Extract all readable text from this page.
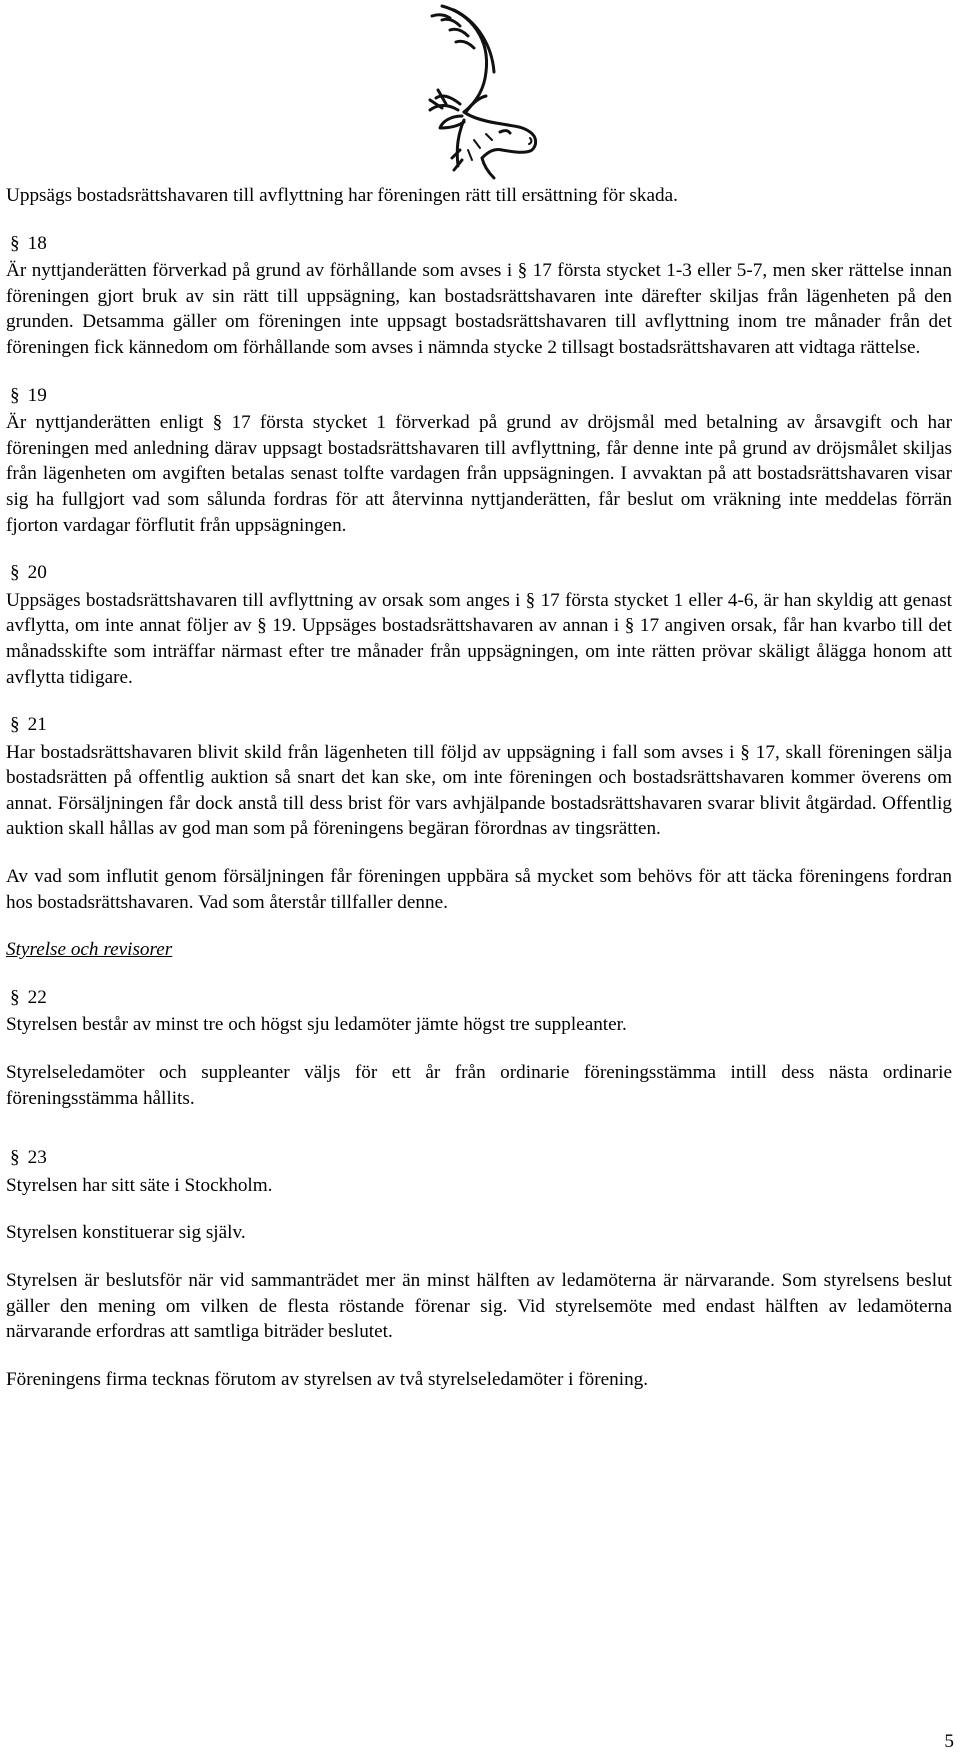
Uppsägs bostadsrättshavaren till avflyttning har föreningen rätt till ersättning för skada.

§ 18

Är nyttjanderätten förverkad på grund av förhållande som avses i § 17 första stycket 1-3 eller 5-7, men sker rättelse innan föreningen gjort bruk av sin rätt till uppsägning, kan bostadsrättshavaren inte därefter skiljas från lägenheten på den grunden. Detsamma gäller om föreningen inte uppsagt bostadsrättshavaren till avflyttning inom tre månader från det föreningen fick kännedom om förhållande som avses i nämnda stycke 2 tillsagt bostadsrättshavaren att vidtaga rättelse.

§ 19

Är nyttjanderätten enligt § 17 första stycket 1 förverkad på grund av dröjsmål med betalning av årsavgift och har föreningen med anledning därav uppsagt bostadsrättshavaren till avflyttning, får denne inte på grund av dröjsmålet skiljas från lägenheten om avgiften betalas senast tolfte vardagen från uppsägningen. I avvaktan på att bostadsrättshavaren visar sig ha fullgjort vad som sålunda fordras för att återvinna nyttjanderätten, får beslut om vräkning inte meddelas förrän fjorton vardagar förflutit från uppsägningen.

§ 20

Uppsäges bostadsrättshavaren till avflyttning av orsak som anges i § 17 första stycket 1 eller 4-6, är han skyldig att genast avflytta, om inte annat följer av § 19. Uppsäges bostadsrättshavaren av annan i § 17 angiven orsak, får han kvarbo till det månadsskifte som inträffar närmast efter tre månader från uppsägningen, om inte rätten prövar skäligt ålägga honom att avflytta tidigare.

§ 21

Har bostadsrättshavaren blivit skild från lägenheten till följd av uppsägning i fall som avses i § 17, skall föreningen sälja bostadsrätten på offentlig auktion så snart det kan ske, om inte föreningen och bostadsrättshavaren kommer överens om annat. Försäljningen får dock anstå till dess brist för vars avhjälpande bostadsrättshavaren svarar blivit åtgärdad. Offentlig auktion skall hållas av god man som på föreningens begäran förordnas av tingsrätten.

Av vad som influtit genom försäljningen får föreningen uppbära så mycket som behövs för att täcka föreningens fordran hos bostadsrättshavaren. Vad som återstår tillfaller denne.

Styrelse och revisorer

§ 22

Styrelsen består av minst tre och högst sju ledamöter jämte högst tre suppleanter.

Styrelseledamöter och suppleanter väljs för ett år från ordinarie föreningsstämma intill dess nästa ordinarie föreningsstämma hållits.

§ 23

Styrelsen har sitt säte i Stockholm.

Styrelsen konstituerar sig själv.

Styrelsen är beslutsför när vid sammanträdet mer än minst hälften av ledamöterna är närvarande. Som styrelsens beslut gäller den mening om vilken de flesta röstande förenar sig. Vid styrelsemöte med endast hälften av ledamöterna närvarande erfordras att samtliga biträder beslutet.

Föreningens firma tecknas förutom av styrelsen av två styrelseledamöter i förening.

5
